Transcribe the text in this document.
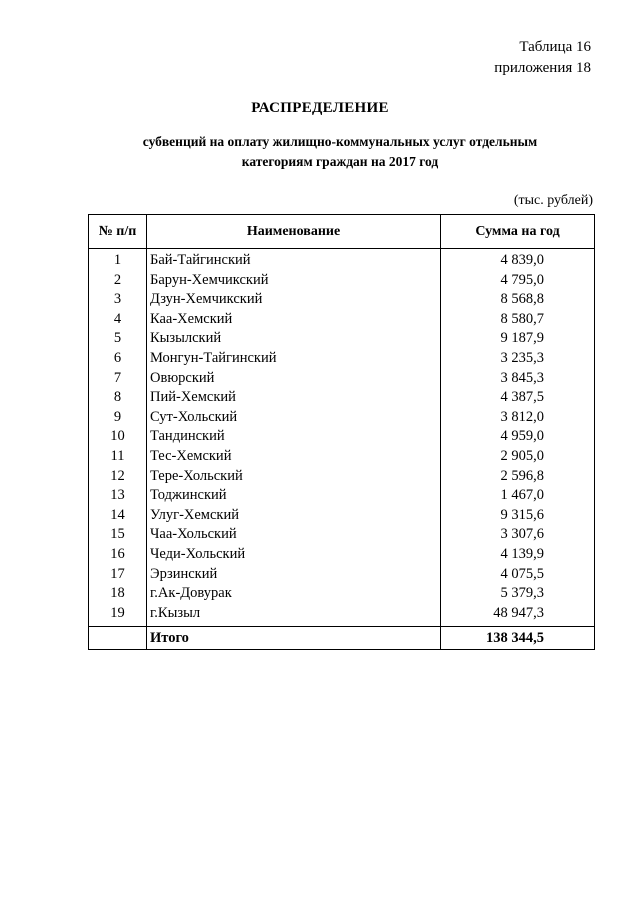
Таблица 16
приложения 18
РАСПРЕДЕЛЕНИЕ
субвенций на оплату жилищно-коммунальных услуг отдельным
категориям граждан на 2017 год
(тыс. рублей)
№ п/п	Наименование	Сумма на год
1	Бай-Тайгинский	4 839,0
2	Барун-Хемчикский	4 795,0
3	Дзун-Хемчикский	8 568,8
4	Каа-Хемский	8 580,7
5	Кызылский	9 187,9
6	Монгун-Тайгинский	3 235,3
7	Овюрский	3 845,3
8	Пий-Хемский	4 387,5
9	Сут-Хольский	3 812,0
10	Тандинский	4 959,0
11	Тес-Хемский	2 905,0
12	Тере-Хольский	2 596,8
13	Тоджинский	1 467,0
14	Улуг-Хемский	9 315,6
15	Чаа-Хольский	3 307,6
16	Чеди-Хольский	4 139,9
17	Эрзинский	4 075,5
18	г.Ак-Довурак	5 379,3
19	г.Кызыл	48 947,3
	Итого	138 344,5
